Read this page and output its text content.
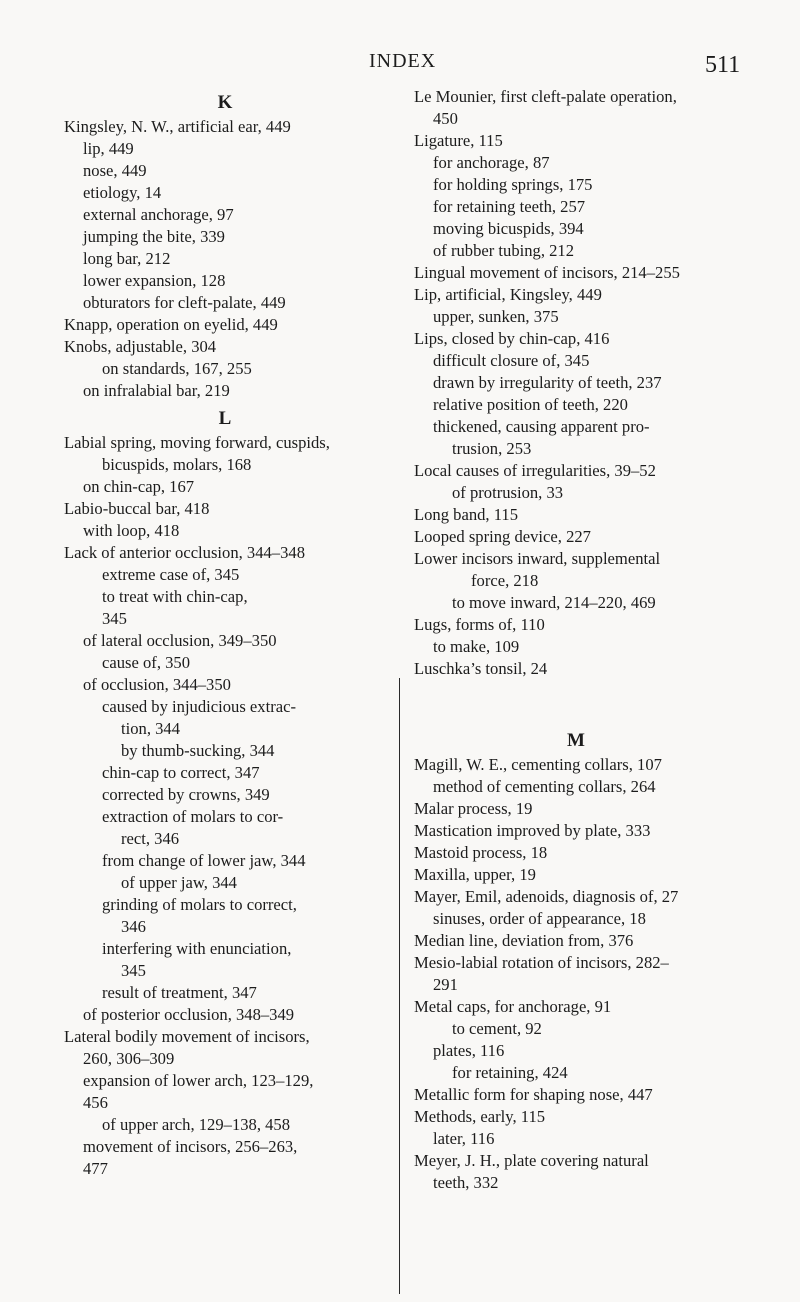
INDEX	511
K
Kingsley, N. W., artificial ear, 449
lip, 449
nose, 449
etiology, 14
external anchorage, 97
jumping the bite, 339
long bar, 212
lower expansion, 128
obturators for cleft-palate, 449
Knapp, operation on eyelid, 449
Knobs, adjustable, 304
on standards, 167, 255
on infralabial bar, 219
L
Labial spring, moving forward, cuspids,
bicuspids, molars, 168
on chin-cap, 167
Labio-buccal bar, 418
with loop, 418
Lack of anterior occlusion, 344–348
extreme case of, 345
to treat with chin-cap,
345
of lateral occlusion, 349–350
cause of, 350
of occlusion, 344–350
caused by injudicious extrac-
tion, 344
by thumb-sucking, 344
chin-cap to correct, 347
corrected by crowns, 349
extraction of molars to cor-
rect, 346
from change of lower jaw, 344
of upper jaw, 344
grinding of molars to correct,
346
interfering with enunciation,
345
result of treatment, 347
of posterior occlusion, 348–349
Lateral bodily movement of incisors,
260, 306–309
expansion of lower arch, 123–129,
456
of upper arch, 129–138, 458
movement of incisors, 256–263,
477
Le Mounier, first cleft-palate operation,
450
Ligature, 115
for anchorage, 87
for holding springs, 175
for retaining teeth, 257
moving bicuspids, 394
of rubber tubing, 212
Lingual movement of incisors, 214–255
Lip, artificial, Kingsley, 449
upper, sunken, 375
Lips, closed by chin-cap, 416
difficult closure of, 345
drawn by irregularity of teeth, 237
relative position of teeth, 220
thickened, causing apparent pro-
trusion, 253
Local causes of irregularities, 39–52
of protrusion, 33
Long band, 115
Looped spring device, 227
Lower incisors inward, supplemental
force, 218
to move inward, 214–220, 469
Lugs, forms of, 110
to make, 109
Luschka’s tonsil, 24

M
Magill, W. E., cementing collars, 107
method of cementing collars, 264
Malar process, 19
Mastication improved by plate, 333
Mastoid process, 18
Maxilla, upper, 19
Mayer, Emil, adenoids, diagnosis of, 27
sinuses, order of appearance, 18
Median line, deviation from, 376
Mesio-labial rotation of incisors, 282–
291
Metal caps, for anchorage, 91
to cement, 92
plates, 116
for retaining, 424
Metallic form for shaping nose, 447
Methods, early, 115
later, 116
Meyer, J. H., plate covering natural
teeth, 332
